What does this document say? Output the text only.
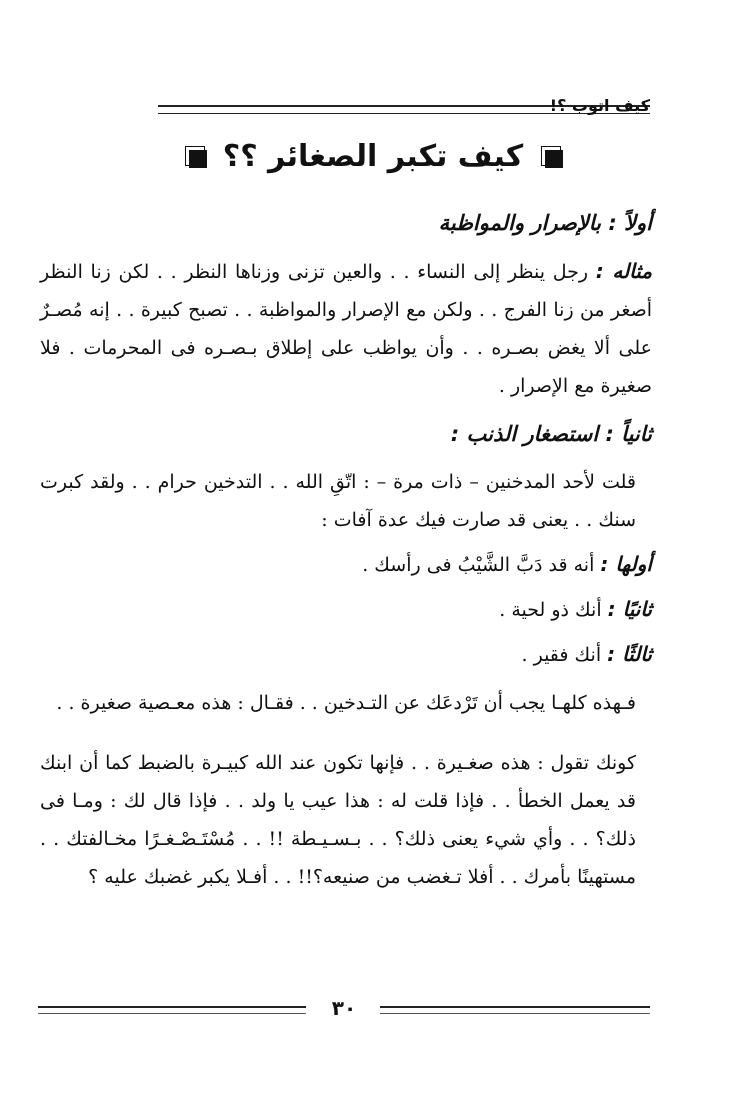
كيف اتوب ؟!
كيف تكبر الصغائر ؟؟

أولاً : بالإصرار والمواظبة

مثاله : رجل ينظر إلى النساء . . والعين تزنى وزناها النظر . . لكن زنا النظر أصغر من زنا الفرج . . ولكن مع الإصرار والمواظبة . . تصبح كبيرة . . إنه مُصـرٌ على ألا يغض بصـره . . وأن يواظب على إطلاق بـصـره فى المحرمات . فلا صغيرة مع الإصرار .

ثانياً : استصغار الذنب :

قلت لأحد المدخنين – ذات مرة – : اتّقِ الله . . التدخين حرام . . ولقد كبرت سنك . . يعنى قد صارت فيك عدة آفات :

أولها : أنه قد دَبَّ الشَّيْبُ فى رأسك .

ثانيًا : أنك ذو لحية .

ثالثًا : أنك فقير .

فـهذه كلهـا يجب أن تَرْدعَك عن التـدخين . . فقـال : هذه معـصية صغيرة . .

كونك تقول : هذه صغـيرة . . فإنها تكون عند الله كبيـرة بالضبط كما أن ابنك قد يعمل الخطأ . . فإذا قلت له : هذا عيب يا ولد . . فإذا قال لك : ومـا فى ذلك؟ . . وأي شيء يعنى ذلك؟ . . بـسـيـطة !! . . مُسْتَـصْـغـرًا مخـالفتك . . مستهينًا بأمرك . . أفلا تـغضب من صنيعه؟!! . . أفـلا يكبر غضبك عليه ؟

٣٠
